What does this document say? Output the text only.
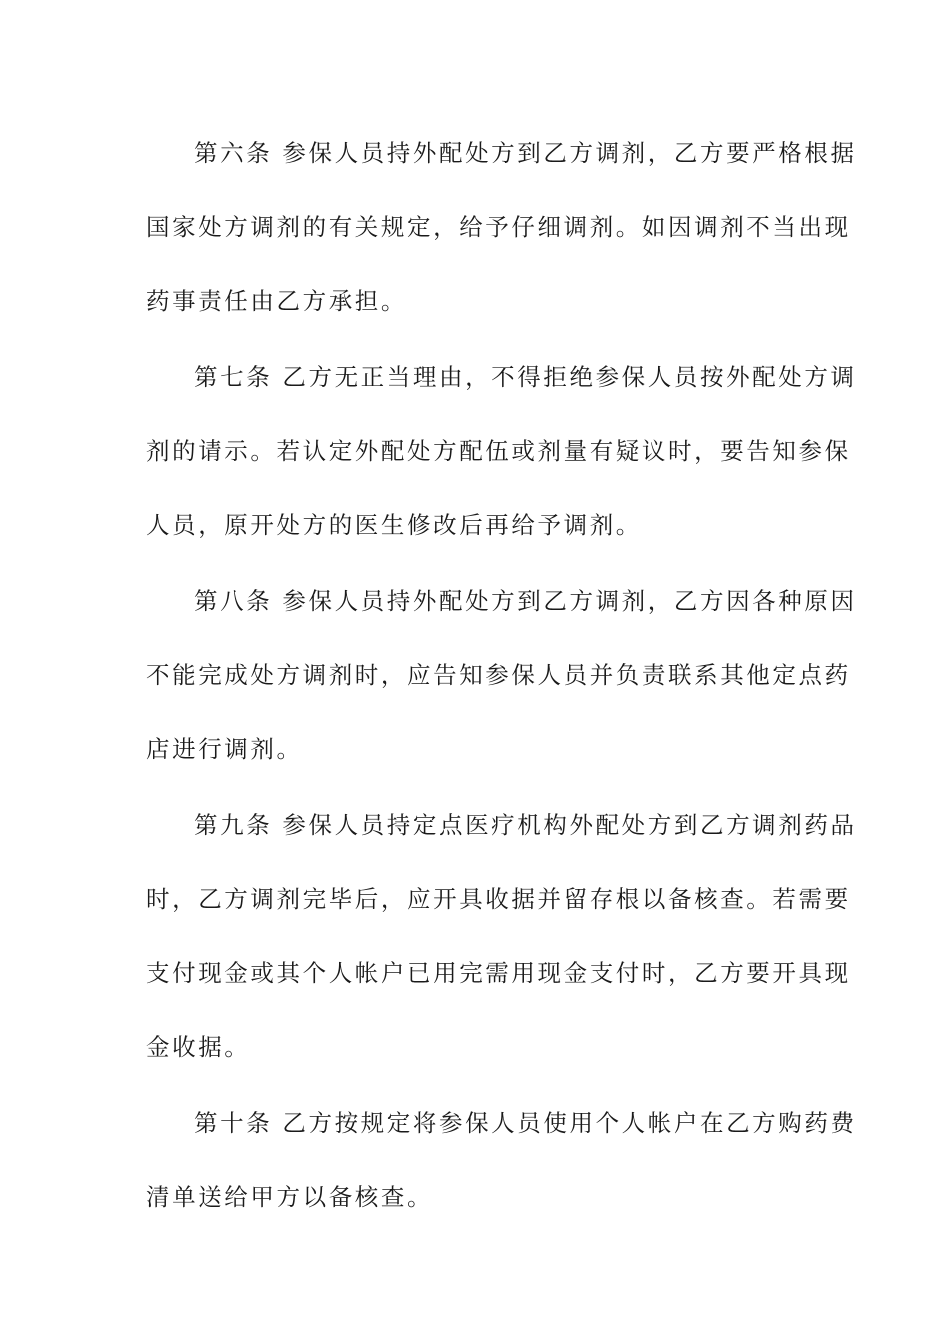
第六条 参保人员持外配处方到乙方调剂，乙方要严格根据
国家处方调剂的有关规定，给予仔细调剂。如因调剂不当出现
药事责任由乙方承担。
第七条 乙方无正当理由，不得拒绝参保人员按外配处方调
剂的请示。若认定外配处方配伍或剂量有疑议时，要告知参保
人员，原开处方的医生修改后再给予调剂。
第八条 参保人员持外配处方到乙方调剂，乙方因各种原因
不能完成处方调剂时，应告知参保人员并负责联系其他定点药
店进行调剂。
第九条 参保人员持定点医疗机构外配处方到乙方调剂药品
时，乙方调剂完毕后，应开具收据并留存根以备核查。若需要
支付现金或其个人帐户已用完需用现金支付时，乙方要开具现
金收据。
第十条 乙方按规定将参保人员使用个人帐户在乙方购药费
清单送给甲方以备核查。
